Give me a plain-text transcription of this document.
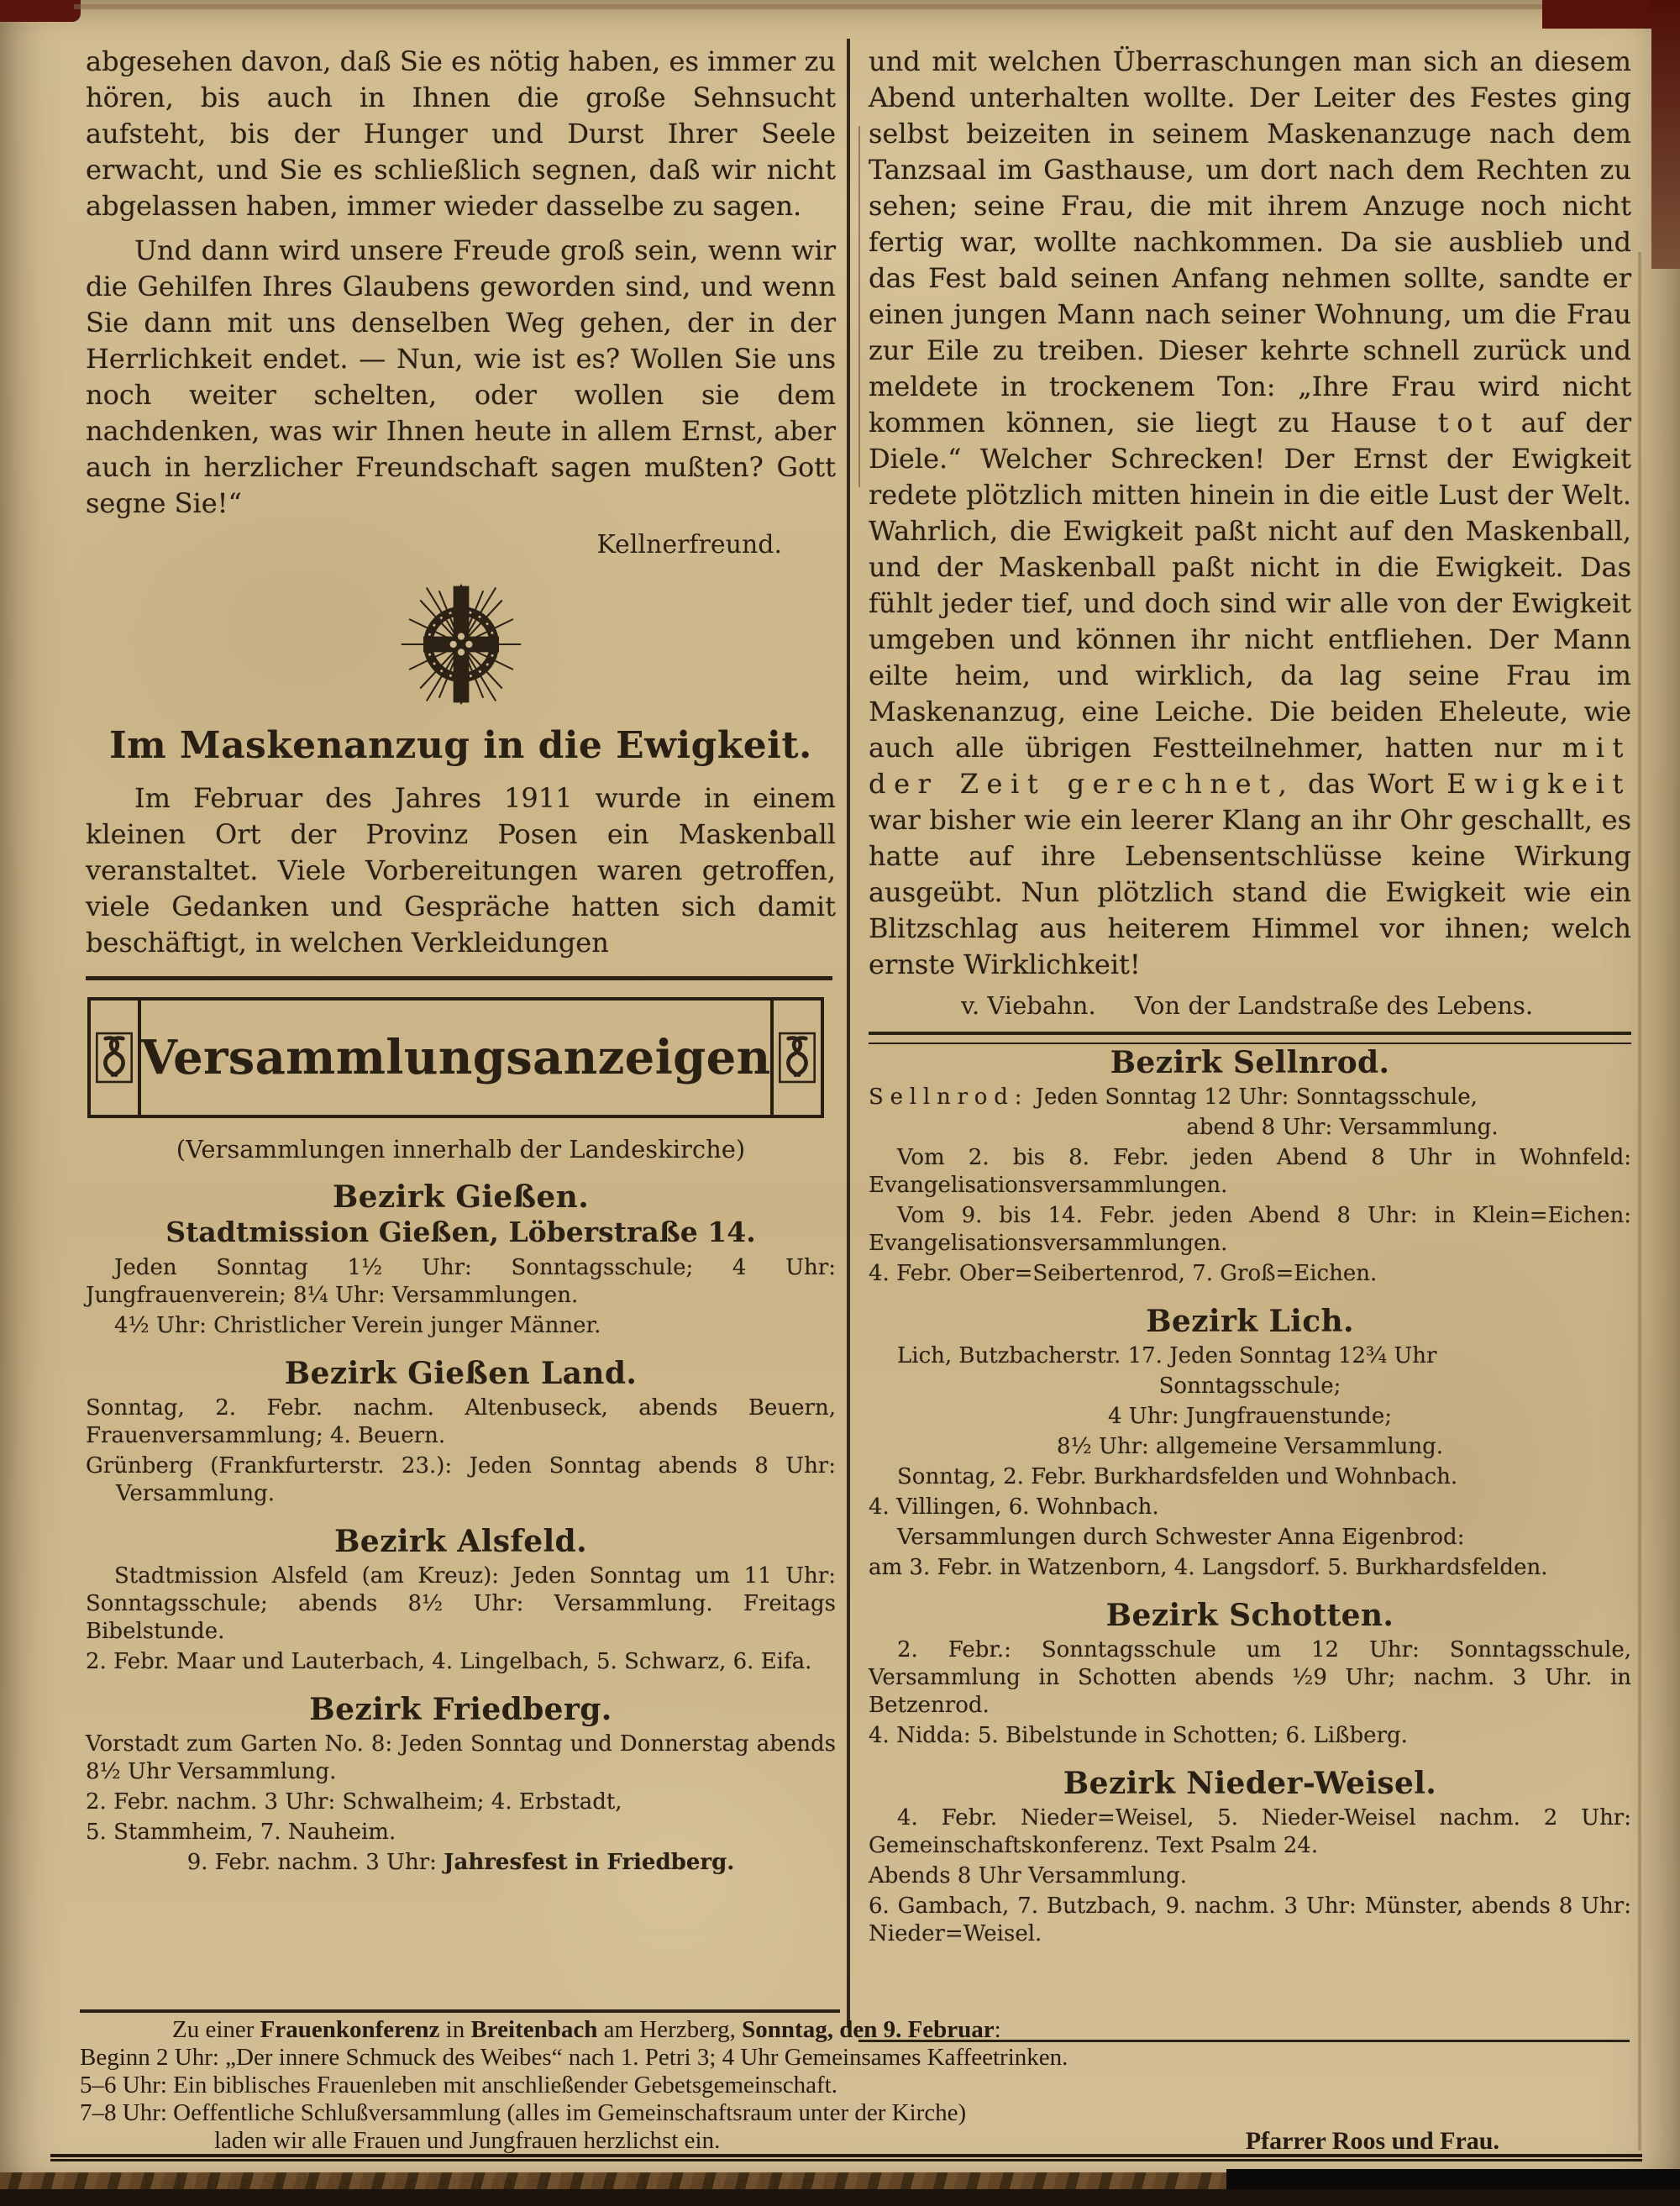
abgesehen davon, daß Sie es nötig haben, es immer zu hören, bis auch in Ihnen die große Sehnsucht aufsteht, bis der Hunger und Durst Ihrer Seele erwacht, und Sie es schließlich segnen, daß wir nicht abgelassen haben, immer wieder dasselbe zu sagen.

Und dann wird unsere Freude groß sein, wenn wir die Gehilfen Ihres Glaubens geworden sind, und wenn Sie dann mit uns denselben Weg gehen, der in der Herrlichkeit endet. — Nun, wie ist es? Wollen Sie uns noch weiter schelten, oder wollen sie dem nachdenken, was wir Ihnen heute in allem Ernst, aber auch in herzlicher Freundschaft sagen mußten? Gott segne Sie!“

Kellnerfreund.
Im Maskenanzug in die Ewigkeit.

Im Februar des Jahres 1911 wurde in einem kleinen Ort der Provinz Posen ein Maskenball veranstaltet. Viele Vorbereitungen waren getroffen, viele Gedanken und Gespräche hatten sich damit beschäftigt, in welchen Verkleidungen

Versammlungsanzeigen
(Versammlungen innerhalb der Landeskirche)
Bezirk Gießen.
Stadtmission Gießen, Löberstraße 14.

Jeden Sonntag 1½ Uhr: Sonntagsschule; 4 Uhr: Jungfrauenverein; 8¼ Uhr: Versammlungen.

4½ Uhr: Christlicher Verein junger Männer.

Bezirk Gießen Land.

Sonntag, 2. Febr. nachm. Altenbuseck, abends Beuern, Frauenversammlung; 4. Beuern.

Grünberg (Frankfurterstr. 23.): Jeden Sonntag abends 8 Uhr: Versammlung.

Bezirk Alsfeld.

Stadtmission Alsfeld (am Kreuz): Jeden Sonntag um 11 Uhr: Sonntagsschule; abends 8½ Uhr: Versammlung. Freitags Bibelstunde.

2. Febr. Maar und Lauterbach, 4. Lingelbach, 5. Schwarz, 6. Eifa.

Bezirk Friedberg.

Vorstadt zum Garten No. 8: Jeden Sonntag und Donnerstag abends 8½ Uhr Versammlung.

2. Febr. nachm. 3 Uhr: Schwalheim; 4. Erbstadt,

5. Stammheim, 7. Nauheim.

9. Febr. nachm. 3 Uhr: Jahresfest in Friedberg.

und mit welchen Überraschungen man sich an diesem Abend unterhalten wollte. Der Leiter des Festes ging selbst beizeiten in seinem Maskenanzuge nach dem Tanzsaal im Gasthause, um dort nach dem Rechten zu sehen; seine Frau, die mit ihrem Anzuge noch nicht fertig war, wollte nachkommen. Da sie ausblieb und das Fest bald seinen Anfang nehmen sollte, sandte er einen jungen Mann nach seiner Wohnung, um die Frau zur Eile zu treiben. Dieser kehrte schnell zurück und meldete in trockenem Ton: „Ihre Frau wird nicht kommen können, sie liegt zu Hause tot auf der Diele.“ Welcher Schrecken! Der Ernst der Ewigkeit redete plötzlich mitten hinein in die eitle Lust der Welt. Wahrlich, die Ewigkeit paßt nicht auf den Maskenball, und der Maskenball paßt nicht in die Ewigkeit. Das fühlt jeder tief, und doch sind wir alle von der Ewigkeit umgeben und können ihr nicht entfliehen. Der Mann eilte heim, und wirklich, da lag seine Frau im Maskenanzug, eine Leiche. Die beiden Eheleute, wie auch alle übrigen Festteilnehmer, hatten nur mit der Zeit gerechnet, das Wort Ewigkeit war bisher wie ein leerer Klang an ihr Ohr geschallt, es hatte auf ihre Lebensentschlüsse keine Wirkung ausgeübt. Nun plötzlich stand die Ewigkeit wie ein Blitzschlag aus heiterem Himmel vor ihnen; welch ernste Wirklichkeit!

v. Viebahn. Von der Landstraße des Lebens.

Bezirk Sellnrod.

Sellnrod: Jeden Sonntag 12 Uhr: Sonntagsschule,

abend 8 Uhr: Versammlung.

Vom 2. bis 8. Febr. jeden Abend 8 Uhr in Wohnfeld: Evangelisationsversammlungen.

Vom 9. bis 14. Febr. jeden Abend 8 Uhr: in Klein=Eichen: Evangelisationsversammlungen.

4. Febr. Ober=Seibertenrod, 7. Groß=Eichen.

Bezirk Lich.

Lich, Butzbacherstr. 17. Jeden Sonntag 12¾ Uhr

Sonntagsschule;

4 Uhr: Jungfrauenstunde;

8½ Uhr: allgemeine Versammlung.

Sonntag, 2. Febr. Burkhardsfelden und Wohnbach.

4. Villingen, 6. Wohnbach.

Versammlungen durch Schwester Anna Eigenbrod:

am 3. Febr. in Watzenborn, 4. Langsdorf. 5. Burkhardsfelden.

Bezirk Schotten.

2. Febr.: Sonntagsschule um 12 Uhr: Sonntagsschule, Versammlung in Schotten abends ½9 Uhr; nachm. 3 Uhr. in Betzenrod.

4. Nidda: 5. Bibelstunde in Schotten; 6. Lißberg.

Bezirk Nieder-Weisel.

4. Febr. Nieder=Weisel, 5. Nieder-Weisel nachm. 2 Uhr: Gemeinschaftskonferenz. Text Psalm 24.

Abends 8 Uhr Versammlung.

6. Gambach, 7. Butzbach, 9. nachm. 3 Uhr: Münster, abends 8 Uhr: Nieder=Weisel.

Zu einer Frauenkonferenz in Breitenbach am Herzberg, Sonntag, den 9. Februar:
Beginn 2 Uhr: „Der innere Schmuck des Weibes“ nach 1. Petri 3; 4 Uhr Gemeinsames Kaffeetrinken.
5–6 Uhr: Ein biblisches Frauenleben mit anschließender Gebetsgemeinschaft.
7–8 Uhr: Oeffentliche Schlußversammlung (alles im Gemeinschaftsraum unter der Kirche)
laden wir alle Frauen und Jungfrauen herzlichst ein.	Pfarrer Roos und Frau.
